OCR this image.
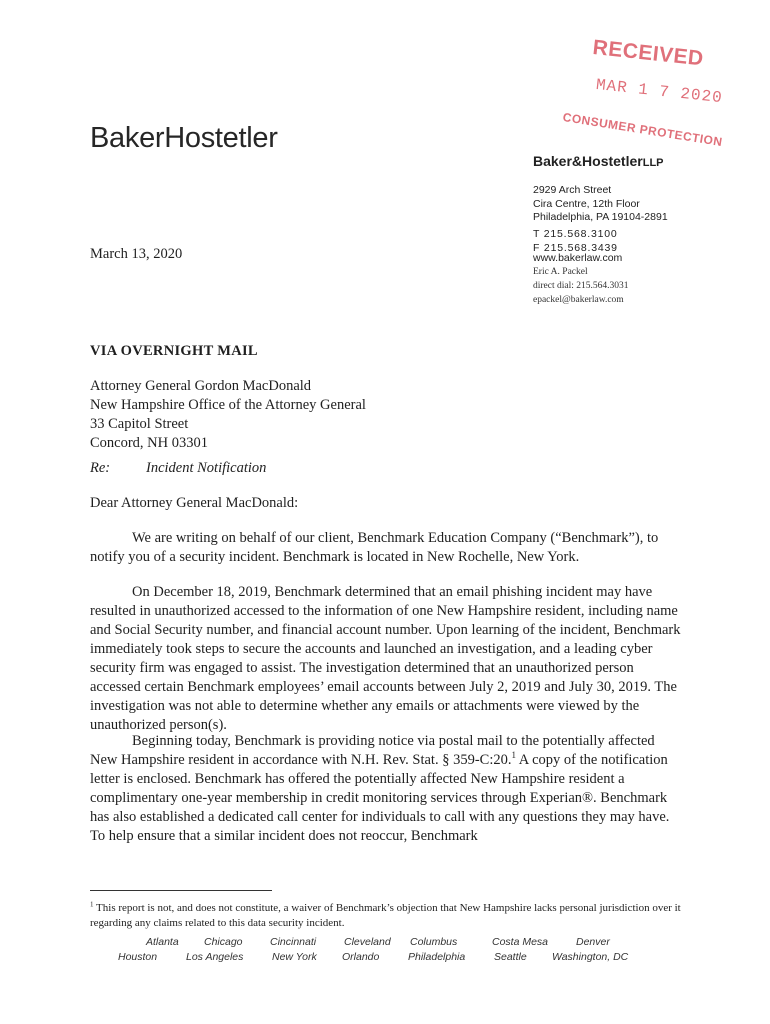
RECEIVED
MAR 1 7 2020
CONSUMER PROTECTION
BakerHostetler
Baker&HostetlerLLP
2929 Arch Street
Cira Centre, 12th Floor
Philadelphia, PA 19104-2891
T 215.568.3100
F 215.568.3439
www.bakerlaw.com
Eric A. Packel
direct dial: 215.564.3031
epackel@bakerlaw.com
March 13, 2020
VIA OVERNIGHT MAIL
Attorney General Gordon MacDonald
New Hampshire Office of the Attorney General
33 Capitol Street
Concord, NH 03301
Re: Incident Notification
Dear Attorney General MacDonald:
We are writing on behalf of our client, Benchmark Education Company (“Benchmark”), to notify you of a security incident. Benchmark is located in New Rochelle, New York.
On December 18, 2019, Benchmark determined that an email phishing incident may have resulted in unauthorized accessed to the information of one New Hampshire resident, including name and Social Security number, and financial account number. Upon learning of the incident, Benchmark immediately took steps to secure the accounts and launched an investigation, and a leading cyber security firm was engaged to assist. The investigation determined that an unauthorized person accessed certain Benchmark employees’ email accounts between July 2, 2019 and July 30, 2019. The investigation was not able to determine whether any emails or attachments were viewed by the unauthorized person(s).
Beginning today, Benchmark is providing notice via postal mail to the potentially affected New Hampshire resident in accordance with N.H. Rev. Stat. § 359-C:20.$^1$ A copy of the notification letter is enclosed. Benchmark has offered the potentially affected New Hampshire resident a complimentary one-year membership in credit monitoring services through Experian®. Benchmark has also established a dedicated call center for individuals to call with any questions they may have. To help ensure that a similar incident does not reoccur, Benchmark
$^1$ This report is not, and does not constitute, a waiver of Benchmark’s objection that New Hampshire lacks personal jurisdiction over it regarding any claims related to this data security incident.
Atlanta Chicago	Cincinnati	Cleveland Columbus	Costa Mesa	Denver
Houston	Los Angeles	New York Orlando	Philadelphia	Seattle Washington, DC
